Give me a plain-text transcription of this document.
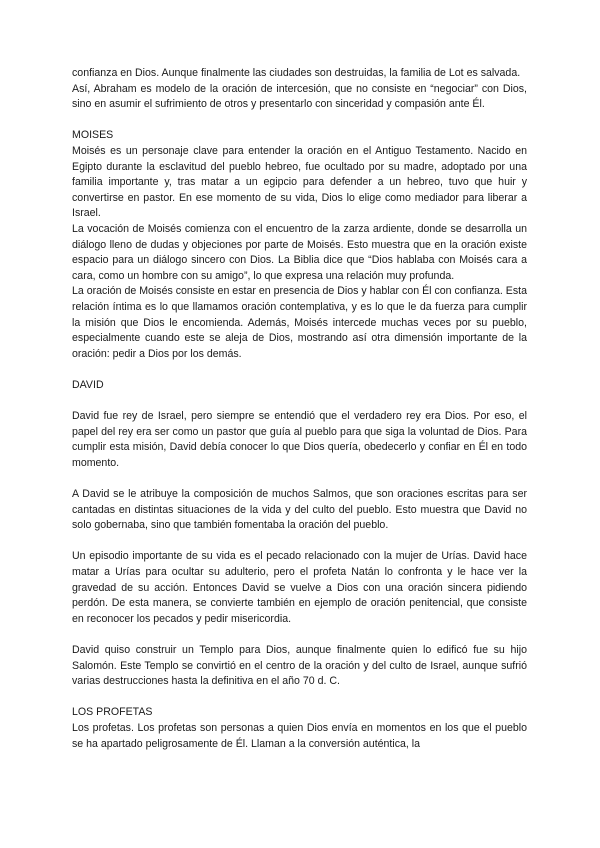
confianza en Dios. Aunque finalmente las ciudades son destruidas, la familia de Lot es salvada.

Así, Abraham es modelo de la oración de intercesión, que no consiste en “negociar” con Dios, sino en asumir el sufrimiento de otros y presentarlo con sinceridad y compasión ante Él.

MOISES

Moisés es un personaje clave para entender la oración en el Antiguo Testamento. Nacido en Egipto durante la esclavitud del pueblo hebreo, fue ocultado por su madre, adoptado por una familia importante y, tras matar a un egipcio para defender a un hebreo, tuvo que huir y convertirse en pastor. En ese momento de su vida, Dios lo elige como mediador para liberar a Israel.

La vocación de Moisés comienza con el encuentro de la zarza ardiente, donde se desarrolla un diálogo lleno de dudas y objeciones por parte de Moisés. Esto muestra que en la oración existe espacio para un diálogo sincero con Dios. La Biblia dice que “Dios hablaba con Moisés cara a cara, como un hombre con su amigo”, lo que expresa una relación muy profunda.

La oración de Moisés consiste en estar en presencia de Dios y hablar con Él con confianza. Esta relación íntima es lo que llamamos oración contemplativa, y es lo que le da fuerza para cumplir la misión que Dios le encomienda. Además, Moisés intercede muchas veces por su pueblo, especialmente cuando este se aleja de Dios, mostrando así otra dimensión importante de la oración: pedir a Dios por los demás.

DAVID

David fue rey de Israel, pero siempre se entendió que el verdadero rey era Dios. Por eso, el papel del rey era ser como un pastor que guía al pueblo para que siga la voluntad de Dios. Para cumplir esta misión, David debía conocer lo que Dios quería, obedecerlo y confiar en Él en todo momento.

A David se le atribuye la composición de muchos Salmos, que son oraciones escritas para ser cantadas en distintas situaciones de la vida y del culto del pueblo. Esto muestra que David no solo gobernaba, sino que también fomentaba la oración del pueblo.

Un episodio importante de su vida es el pecado relacionado con la mujer de Urías. David hace matar a Urías para ocultar su adulterio, pero el profeta Natán lo confronta y le hace ver la gravedad de su acción. Entonces David se vuelve a Dios con una oración sincera pidiendo perdón. De esta manera, se convierte también en ejemplo de oración penitencial, que consiste en reconocer los pecados y pedir misericordia.

David quiso construir un Templo para Dios, aunque finalmente quien lo edificó fue su hijo Salomón. Este Templo se convirtió en el centro de la oración y del culto de Israel, aunque sufrió varias destrucciones hasta la definitiva en el año 70 d. C.

LOS PROFETAS

Los profetas. Los profetas son personas a quien Dios envía en momentos en los que el pueblo se ha apartado peligrosamente de Él. Llaman a la conversión auténtica, la
